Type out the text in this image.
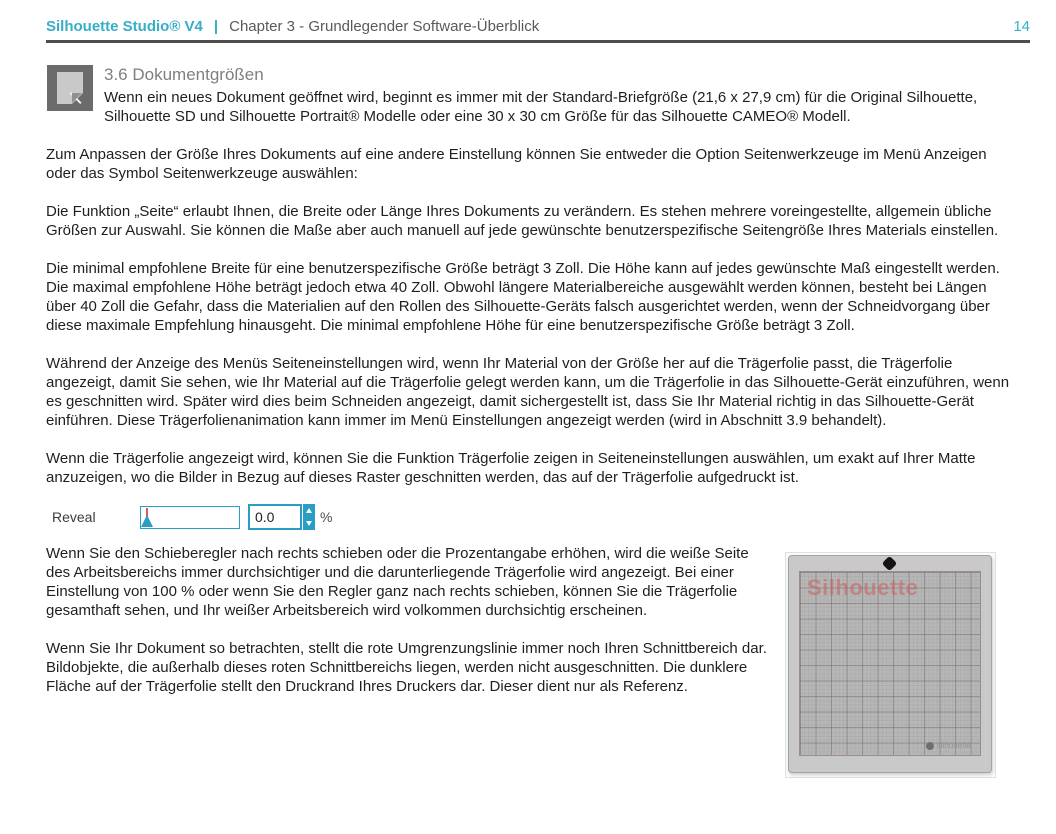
Silhouette Studio® V4 | Chapter 3 - Grundlegender Software-Überblick	14
3.6 Dokumentgrößen

Wenn ein neues Dokument geöffnet wird, beginnt es immer mit der Standard-Briefgröße (21,6 x 27,9 cm) für die Original Silhouette, Silhouette SD und Silhouette Portrait® Modelle oder eine 30 x 30 cm Größe für das Silhouette CAMEO® Modell.

Zum Anpassen der Größe Ihres Dokuments auf eine andere Einstellung können Sie entweder die Option Seitenwerkzeuge im Menü Anzeigen oder das Symbol Seitenwerkzeuge auswählen:

Die Funktion „Seite“ erlaubt Ihnen, die Breite oder Länge Ihres Dokuments zu verändern. Es stehen mehrere voreingestellte, allgemein übliche Größen zur Auswahl. Sie können die Maße aber auch manuell auf jede gewünschte benutzerspezifische Seitengröße Ihres Materials einstellen.

Die minimal empfohlene Breite für eine benutzerspezifische Größe beträgt 3 Zoll. Die Höhe kann auf jedes gewünschte Maß eingestellt werden. Die maximal empfohlene Höhe beträgt jedoch etwa 40 Zoll. Obwohl längere Materialbereiche ausgewählt werden können, besteht bei Längen über 40 Zoll die Gefahr, dass die Materialien auf den Rollen des Silhouette-Geräts falsch ausgerichtet werden, wenn der Schneidvorgang über diese maximale Empfehlung hinausgeht. Die minimal empfohlene Höhe für eine benutzerspezifische Größe beträgt 3 Zoll.

Während der Anzeige des Menüs Seiteneinstellungen wird, wenn Ihr Material von der Größe her auf die Trägerfolie passt, die Trägerfolie angezeigt, damit Sie sehen, wie Ihr Material auf die Trägerfolie gelegt werden kann, um die Trägerfolie in das Silhouette-Gerät einzuführen, wenn es geschnitten wird. Später wird dies beim Schneiden angezeigt, damit sichergestellt ist, dass Sie Ihr Material richtig in das Silhouette-Gerät einführen. Diese Trägerfolienanimation kann immer im Menü Einstellungen angezeigt werden (wird in Abschnitt 3.9 behandelt).

Wenn die Trägerfolie angezeigt wird, können Sie die Funktion Trägerfolie zeigen in Seiteneinstellungen auswählen, um exakt auf Ihrer Matte anzuzeigen, wo die Bilder in Bezug auf dieses Raster geschnitten werden, das auf der Trägerfolie aufgedruckt ist.

Reveal
0.0	%

Wenn Sie den Schieberegler nach rechts schieben oder die Prozentangabe erhöhen, wird die weiße Seite des Arbeitsbereichs immer durchsichtiger und die darunterliegende Trägerfolie wird angezeigt. Bei einer Einstellung von 100 % oder wenn Sie den Regler ganz nach rechts schieben, können Sie die Trägerfolie gesamthaft sehen, und Ihr weißer Arbeitsbereich wird volkommen durchsichtig erscheinen.

Wenn Sie Ihr Dokument so betrachten, stellt die rote Umgrenzungslinie immer noch Ihren Schnittbereich dar. Bildobjekte, die außerhalb dieses roten Schnittbereichs liegen, werden nicht ausgeschnitten. Die dunklere Fläche auf der Trägerfolie stellt den Druckrand Ihres Druckers dar. Dieser dient nur als Referenz.

Silhouette
silhouette
